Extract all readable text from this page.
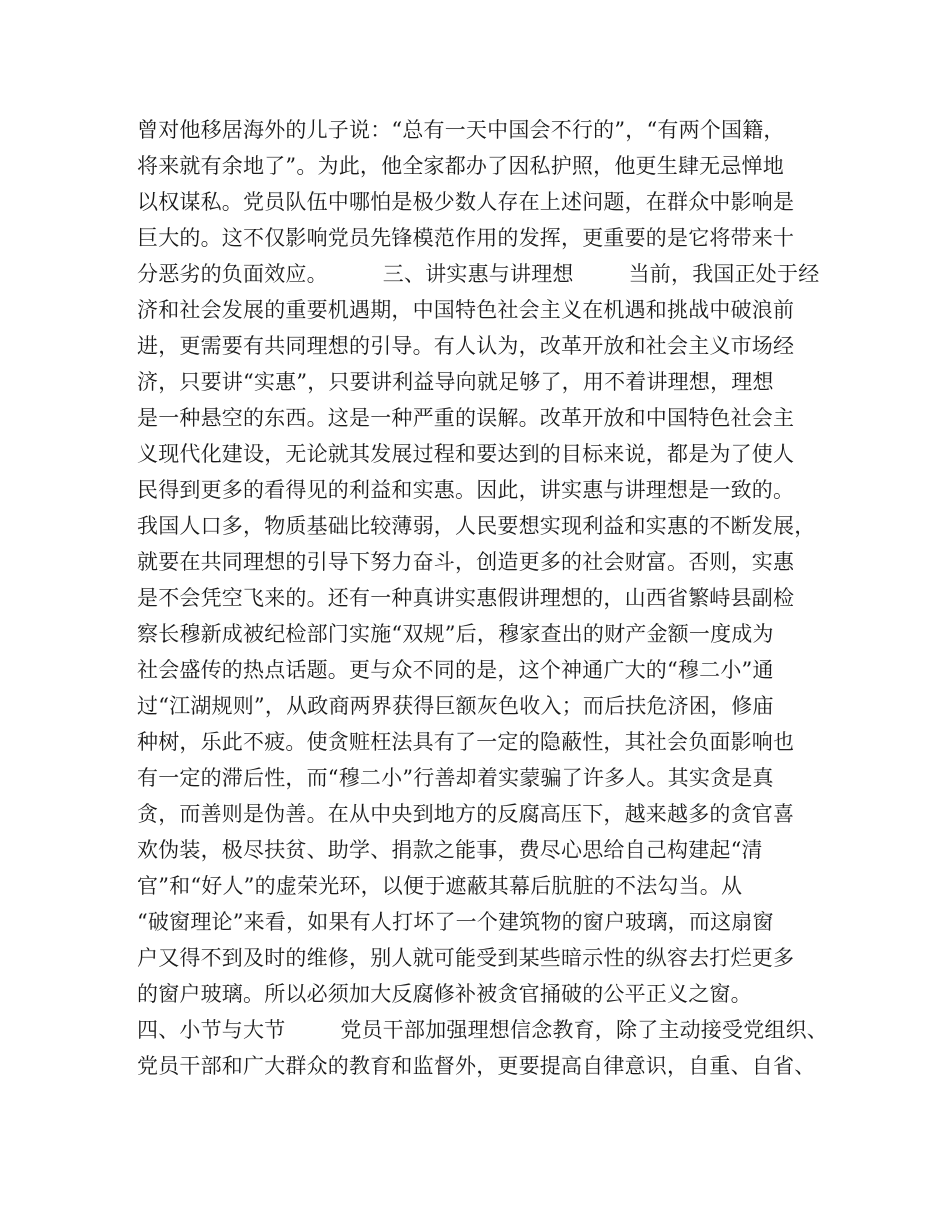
曾对他移居海外的儿子说：“总有一天中国会不行的”，“有两个国籍，
将来就有余地了”。为此，他全家都办了因私护照，他更生肆无忌惮地
以权谋私。党员队伍中哪怕是极少数人存在上述问题，在群众中影响是
巨大的。这不仅影响党员先锋模范作用的发挥，更重要的是它将带来十
分恶劣的负面效应。        三、讲实惠与讲理想        当前，我国正处于经
济和社会发展的重要机遇期，中国特色社会主义在机遇和挑战中破浪前
进，更需要有共同理想的引导。有人认为，改革开放和社会主义市场经
济，只要讲“实惠”，只要讲利益导向就足够了，用不着讲理想，理想
是一种悬空的东西。这是一种严重的误解。改革开放和中国特色社会主
义现代化建设，无论就其发展过程和要达到的目标来说，都是为了使人
民得到更多的看得见的利益和实惠。因此，讲实惠与讲理想是一致的。
我国人口多，物质基础比较薄弱，人民要想实现利益和实惠的不断发展，
就要在共同理想的引导下努力奋斗，创造更多的社会财富。否则，实惠
是不会凭空飞来的。还有一种真讲实惠假讲理想的，山西省繁峙县副检
察长穆新成被纪检部门实施“双规”后，穆家查出的财产金额一度成为
社会盛传的热点话题。更与众不同的是，这个神通广大的“穆二小”通
过“江湖规则”，从政商两界获得巨额灰色收入；而后扶危济困，修庙
种树，乐此不疲。使贪赃枉法具有了一定的隐蔽性，其社会负面影响也
有一定的滞后性，而“穆二小”行善却着实蒙骗了许多人。其实贪是真
贪，而善则是伪善。在从中央到地方的反腐高压下，越来越多的贪官喜
欢伪装，极尽扶贫、助学、捐款之能事，费尽心思给自己构建起“清
官”和“好人”的虚荣光环，以便于遮蔽其幕后肮脏的不法勾当。从
“破窗理论”来看，如果有人打坏了一个建筑物的窗户玻璃，而这扇窗
户又得不到及时的维修，别人就可能受到某些暗示性的纵容去打烂更多
的窗户玻璃。所以必须加大反腐修补被贪官捅破的公平正义之窗。
四、小节与大节        党员干部加强理想信念教育，除了主动接受党组织、
党员干部和广大群众的教育和监督外，更要提高自律意识，自重、自省、
